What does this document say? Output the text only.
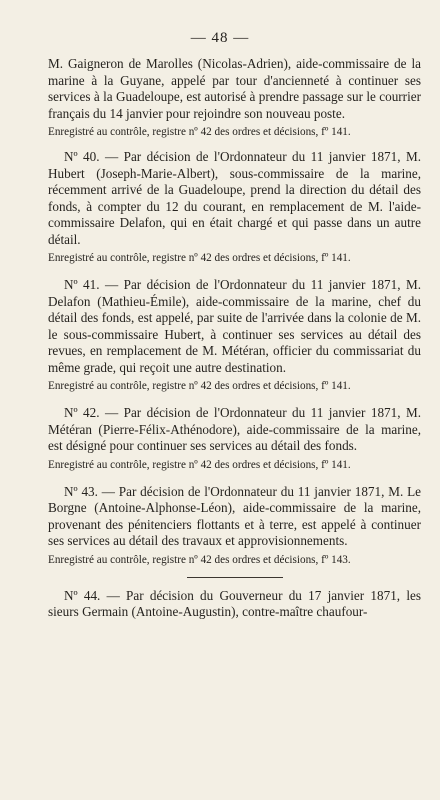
— 48 —

M. Gaigneron de Marolles (Nicolas-Adrien), aide-commissaire de la marine à la Guyane, appelé par tour d'ancienneté à continuer ses services à la Guadeloupe, est autorisé à prendre passage sur le courrier français du 14 janvier pour rejoindre son nouveau poste.

Enregistré au contrôle, registre nº 42 des ordres et décisions, fº 141.

Nº 40. — Par décision de l'Ordonnateur du 11 janvier 1871, M. Hubert (Joseph-Marie-Albert), sous-commissaire de la marine, récemment arrivé de la Guadeloupe, prend la direction du détail des fonds, à compter du 12 du courant, en remplacement de M. l'aide-commissaire Delafon, qui en était chargé et qui passe dans un autre détail.

Enregistré au contrôle, registre nº 42 des ordres et décisions, fº 141.

Nº 41. — Par décision de l'Ordonnateur du 11 janvier 1871, M. Delafon (Mathieu-Émile), aide-commissaire de la marine, chef du détail des fonds, est appelé, par suite de l'arrivée dans la colonie de M. le sous-commissaire Hubert, à continuer ses services au détail des revues, en remplacement de M. Météran, officier du commissariat du même grade, qui reçoit une autre destination.

Enregistré au contrôle, registre nº 42 des ordres et décisions, fº 141.

Nº 42. — Par décision de l'Ordonnateur du 11 janvier 1871, M. Météran (Pierre-Félix-Athénodore), aide-commissaire de la marine, est désigné pour continuer ses services au détail des fonds.

Enregistré au contrôle, registre nº 42 des ordres et décisions, fº 141.

Nº 43. — Par décision de l'Ordonnateur du 11 janvier 1871, M. Le Borgne (Antoine-Alphonse-Léon), aide-commissaire de la marine, provenant des pénitenciers flottants et à terre, est appelé à continuer ses services au détail des travaux et approvisionnements.

Enregistré au contrôle, registre nº 42 des ordres et décisions, fº 143.

Nº 44. — Par décision du Gouverneur du 17 janvier 1871, les sieurs Germain (Antoine-Augustin), contre-maître chaufour-
